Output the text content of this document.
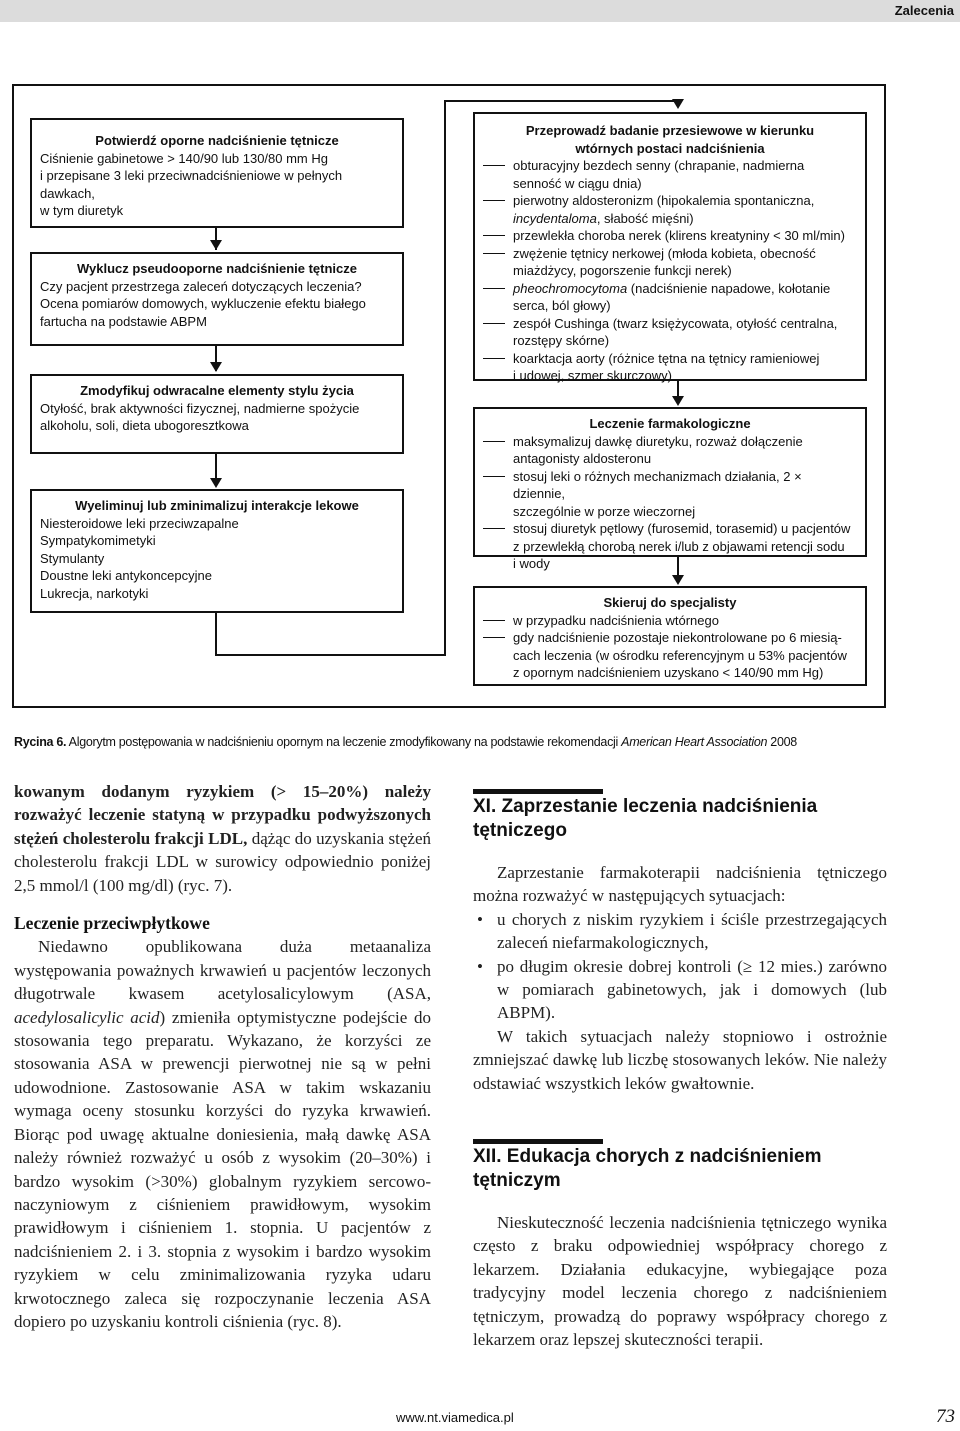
Zalecenia
Potwierdź oporne nadciśnienie tętnicze
Ciśnienie gabinetowe > 140/90 lub 130/80 mm Hg
i przepisane 3 leki przeciwnadciśnieniowe w pełnych dawkach,
w tym diuretyk
Wyklucz pseudooporne nadciśnienie tętnicze
Czy pacjent przestrzega zaleceń dotyczących leczenia?
Ocena pomiarów domowych, wykluczenie efektu białego
fartucha na podstawie ABPM
Zmodyfikuj odwracalne elementy stylu życia
Otyłość, brak aktywności fizycznej, nadmierne spożycie
alkoholu, soli, dieta ubogoresztkowa
Wyeliminuj lub zminimalizuj interakcje lekowe
Niesteroidowe leki przeciwzapalne
Sympatykomimetyki
Stymulanty
Doustne leki antykoncepcyjne
Lukrecja, narkotyki
Przeprowadź badanie przesiewowe w kierunku
wtórnych postaci nadciśnienia
obturacyjny bezdech senny (chrapanie, nadmierna
senność w ciągu dnia)
pierwotny aldosteronizm (hipokalemia spontaniczna,
incydentaloma, słabość mięśni)
przewlekła choroba nerek (klirens kreatyniny < 30 ml/min)
zwężenie tętnicy nerkowej (młoda kobieta, obecność
miażdżycy, pogorszenie funkcji nerek)
pheochromocytoma (nadciśnienie napadowe, kołotanie
serca, ból głowy)
zespół Cushinga (twarz księżycowata, otyłość centralna,
rozstępy skórne)
koarktacja aorty (różnice tętna na tętnicy ramieniowej
i udowej, szmer skurczowy)
Leczenie farmakologiczne
maksymalizuj dawkę diuretyku, rozważ dołączenie
antagonisty aldosteronu
stosuj leki o różnych mechanizmach działania, 2 × dziennie,
szczególnie w porze wieczornej
stosuj diuretyk pętlowy (furosemid, torasemid) u pacjentów
z przewlekłą chorobą nerek i/lub z objawami retencji sodu
i wody
Skieruj do specjalisty
w przypadku nadciśnienia wtórnego
gdy nadciśnienie pozostaje niekontrolowane po 6 miesią-
cach leczenia (w ośrodku referencyjnym u 53% pacjentów
z opornym nadciśnieniem uzyskano < 140/90 mm Hg)
Rycina 6. Algorytm postępowania w nadciśnieniu opornym na leczenie zmodyfikowany na podstawie rekomendacji American Heart Association 2008

kowanym dodanym ryzykiem (> 15–20%) należy rozważyć leczenie statyną w przypadku podwyższonych stężeń cholesterolu frakcji LDL, dążąc do uzyskania stężeń cholesterolu frakcji LDL w surowicy odpowiednio poniżej 2,5 mmol/l (100 mg/dl) (ryc. 7).

Leczenie przeciwpłytkowe

Niedawno opublikowana duża metaanaliza występowania poważnych krwawień u pacjentów leczonych długotrwale kwasem acetylosalicylowym (ASA, acedylosalicylic acid) zmieniła optymistyczne podejście do stosowania tego preparatu. Wykazano, że korzyści ze stosowania ASA w prewencji pierwotnej nie są w pełni udowodnione. Zastosowanie ASA w takim wskazaniu wymaga oceny stosunku korzyści do ryzyka krwawień. Biorąc pod uwagę aktualne doniesienia, małą dawkę ASA należy również rozważyć u osób z wysokim (20–30%) i bardzo wysokim (>30%) globalnym ryzykiem sercowo-naczyniowym z ciśnieniem prawidłowym, wysokim prawidłowym i ciśnieniem 1. stopnia. U pacjentów z nadciśnieniem 2. i 3. stopnia z wysokim i bardzo wysokim ryzykiem w celu zminimalizowania ryzyka udaru krwotocznego zaleca się rozpoczynanie leczenia ASA dopiero po uzyskaniu kontroli ciśnienia (ryc. 8).

XI. Zaprzestanie leczenia nadciśnienia tętniczego

Zaprzestanie farmakoterapii nadciśnienia tętniczego można rozważyć w następujących sytuacjach:

• u chorych z niskim ryzykiem i ściśle przestrzegających zaleceń niefarmakologicznych,

• po długim okresie dobrej kontroli (≥ 12 mies.) zarówno w pomiarach gabinetowych, jak i domowych (lub ABPM).

W takich sytuacjach należy stopniowo i ostrożnie zmniejszać dawkę lub liczbę stosowanych leków. Nie należy odstawiać wszystkich leków gwałtownie.

XII. Edukacja chorych z nadciśnieniem tętniczym

Nieskuteczność leczenia nadciśnienia tętniczego wynika często z braku odpowiedniej współpracy chorego z lekarzem. Działania edukacyjne, wybiegające poza tradycyjny model leczenia chorego z nadciśnieniem tętniczym, prowadzą do poprawy współpracy chorego z lekarzem oraz lepszej skuteczności terapii.

www.nt.viamedica.pl	73
